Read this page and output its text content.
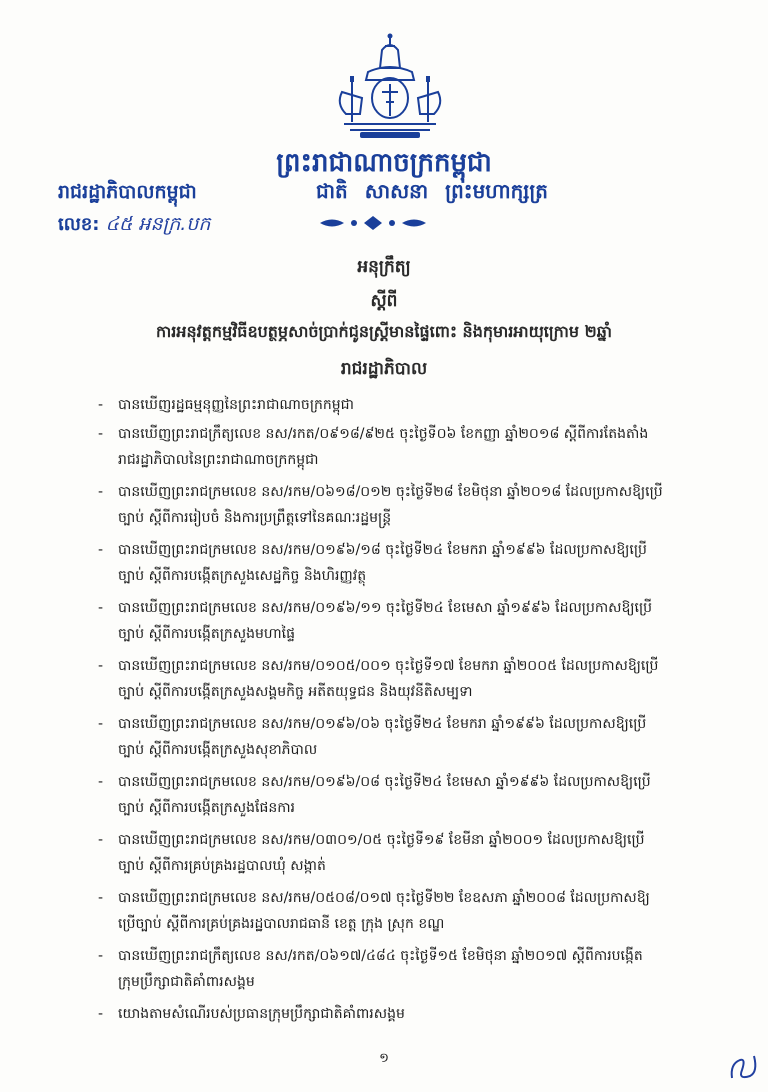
ព្រះរាជាណាចក្រកម្ពុជា
រាជរដ្ឋាភិបាលកម្ពុជា	ជាតិ សាសនា ព្រះមហាក្សត្រ
លេខ: ៤៥ អនក្រ.បក
អនុក្រឹត្យ
ស្តីពី
ការអនុវត្តកម្មវិធីឧបត្ថម្ភសាច់ប្រាក់ជូនស្ត្រីមានផ្ទៃពោះ និងកុមារអាយុក្រោម ២ឆ្នាំ
រាជរដ្ឋាភិបាល
- បានឃើញរដ្ឋធម្មនុញ្ញនៃព្រះរាជាណាចក្រកម្ពុជា
- បានឃើញព្រះរាជក្រឹត្យលេខ នស/រកត/០៩១៨/៩២៥ ចុះថ្ងៃទី០៦ ខែកញ្ញា ឆ្នាំ២០១៨ ស្តីពីការតែងតាំង
រាជរដ្ឋាភិបាលនៃព្រះរាជាណាចក្រកម្ពុជា
- បានឃើញព្រះរាជក្រមលេខ នស/រកម/០៦១៨/០១២ ចុះថ្ងៃទី២៨ ខែមិថុនា ឆ្នាំ២០១៨ ដែលប្រកាសឱ្យប្រើ
ច្បាប់ ស្តីពីការរៀបចំ និងការប្រព្រឹត្តទៅនៃគណៈរដ្ឋមន្ត្រី
- បានឃើញព្រះរាជក្រមលេខ នស/រកម/០១៩៦/១៨ ចុះថ្ងៃទី២៤ ខែមករា ឆ្នាំ១៩៩៦ ដែលប្រកាសឱ្យប្រើ
ច្បាប់ ស្តីពីការបង្កើតក្រសួងសេដ្ឋកិច្ច និងហិរញ្ញវត្ថុ
- បានឃើញព្រះរាជក្រមលេខ នស/រកម/០១៩៦/១១ ចុះថ្ងៃទី២៤ ខែមេសា ឆ្នាំ១៩៩៦ ដែលប្រកាសឱ្យប្រើ
ច្បាប់ ស្តីពីការបង្កើតក្រសួងមហាផ្ទៃ
- បានឃើញព្រះរាជក្រមលេខ នស/រកម/០១០៥/០០១ ចុះថ្ងៃទី១៧ ខែមករា ឆ្នាំ២០០៥ ដែលប្រកាសឱ្យប្រើ
ច្បាប់ ស្តីពីការបង្កើតក្រសួងសង្គមកិច្ច អតីតយុទ្ធជន និងយុវនីតិសម្បទា
- បានឃើញព្រះរាជក្រមលេខ នស/រកម/០១៩៦/០៦ ចុះថ្ងៃទី២៤ ខែមករា ឆ្នាំ១៩៩៦ ដែលប្រកាសឱ្យប្រើ
ច្បាប់ ស្តីពីការបង្កើតក្រសួងសុខាភិបាល
- បានឃើញព្រះរាជក្រមលេខ នស/រកម/០១៩៦/០៨ ចុះថ្ងៃទី២៤ ខែមេសា ឆ្នាំ១៩៩៦ ដែលប្រកាសឱ្យប្រើ
ច្បាប់ ស្តីពីការបង្កើតក្រសួងផែនការ
- បានឃើញព្រះរាជក្រមលេខ នស/រកម/០៣០១/០៥ ចុះថ្ងៃទី១៩ ខែមីនា ឆ្នាំ២០០១ ដែលប្រកាសឱ្យប្រើ
ច្បាប់ ស្តីពីការគ្រប់គ្រងរដ្ឋបាលឃុំ សង្កាត់
- បានឃើញព្រះរាជក្រមលេខ នស/រកម/០៥០៨/០១៧ ចុះថ្ងៃទី២២ ខែឧសភា ឆ្នាំ២០០៨ ដែលប្រកាសឱ្យ
ប្រើច្បាប់ ស្តីពីការគ្រប់គ្រងរដ្ឋបាលរាជធានី ខេត្ត ក្រុង ស្រុក ខណ្ឌ
- បានឃើញព្រះរាជក្រឹត្យលេខ នស/រកត/០៦១៧/៤៨៤ ចុះថ្ងៃទី១៥ ខែមិថុនា ឆ្នាំ២០១៧ ស្តីពីការបង្កើត
ក្រុមប្រឹក្សាជាតិគាំពារសង្គម
- យោងតាមសំណើរបស់ប្រធានក្រុមប្រឹក្សាជាតិគាំពារសង្គម
១
